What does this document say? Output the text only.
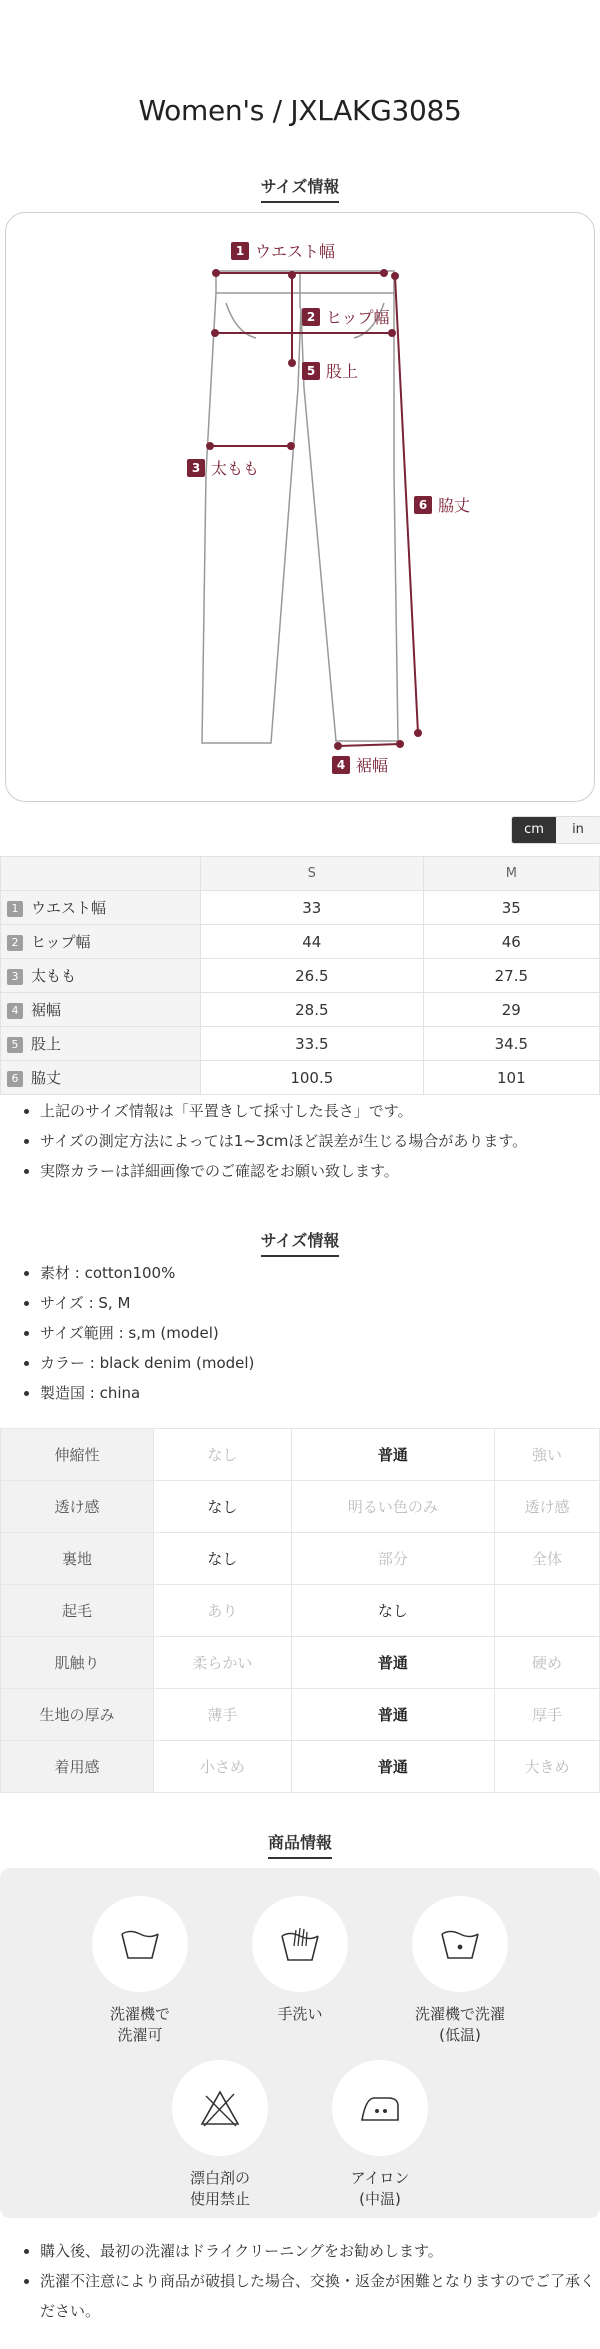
Women's / JXLAKG3085
サイズ情報
1 ウエスト幅
2 ヒップ幅
5 股上
3 太もも
6 脇丈
4 裾幅
cm	in
	S	M
1 ウエスト幅	33	35
2 ヒップ幅	44	46
3 太もも	26.5	27.5
4 裾幅	28.5	29
5 股上	33.5	34.5
6 脇丈	100.5	101
• 上記のサイズ情報は「平置きして採寸した長さ」です。
• サイズの測定方法によっては1~3cmほど誤差が生じる場合があります。
• 実際カラーは詳細画像でのご確認をお願い致します。
サイズ情報
• 素材 : cotton100%
• サイズ : S, M
• サイズ範囲 : s,m (model)
• カラー : black denim (model)
• 製造国 : china
伸縮性	なし	普通	強い
透け感	なし	明るい色のみ	透け感
裏地	なし	部分	全体
起毛	あり	なし	
肌触り	柔らかい	普通	硬め
生地の厚み	薄手	普通	厚手
着用感	小さめ	普通	大きめ
商品情報
洗濯機で
洗濯可
手洗い	洗濯機で洗濯
(低温)
漂白剤の
使用禁止
アイロン
(中温)
• 購入後、最初の洗濯はドライクリーニングをお勧めします。
• 洗濯不注意により商品が破損した場合、交換・返金が困難となりますのでご了承ください。
